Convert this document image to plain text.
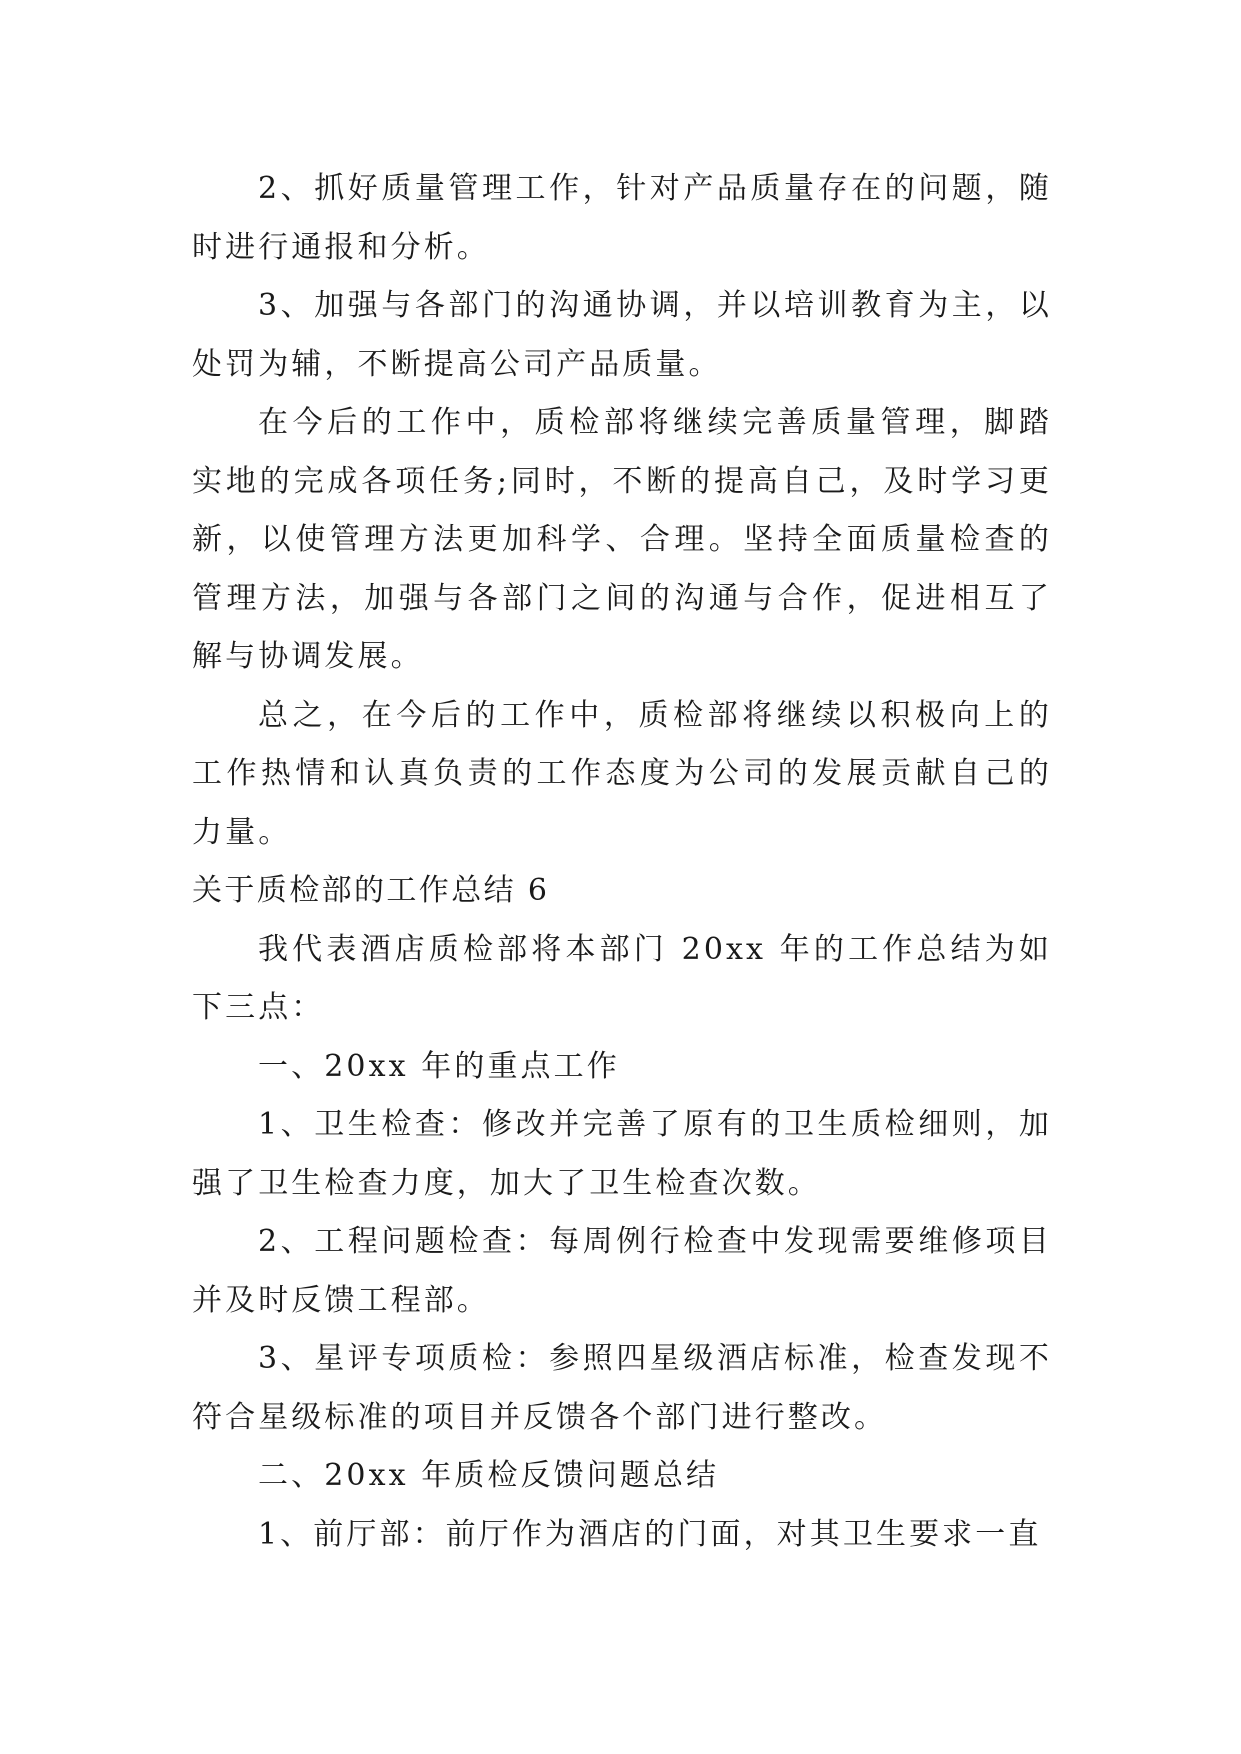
2、抓好质量管理工作，针对产品质量存在的问题，随时进行通报和分析。

3、加强与各部门的沟通协调，并以培训教育为主，以处罚为辅，不断提高公司产品质量。

在今后的工作中，质检部将继续完善质量管理，脚踏实地的完成各项任务;同时，不断的提高自己，及时学习更新，以使管理方法更加科学、合理。坚持全面质量检查的管理方法，加强与各部门之间的沟通与合作，促进相互了解与协调发展。

总之，在今后的工作中，质检部将继续以积极向上的工作热情和认真负责的工作态度为公司的发展贡献自己的力量。

关于质检部的工作总结 6

我代表酒店质检部将本部门 20xx 年的工作总结为如下三点：

一、20xx 年的重点工作

1、卫生检查：修改并完善了原有的卫生质检细则，加强了卫生检查力度，加大了卫生检查次数。

2、工程问题检查：每周例行检查中发现需要维修项目并及时反馈工程部。

3、星评专项质检：参照四星级酒店标准，检查发现不符合星级标准的项目并反馈各个部门进行整改。

二、20xx 年质检反馈问题总结

1、前厅部：前厅作为酒店的门面，对其卫生要求一直
